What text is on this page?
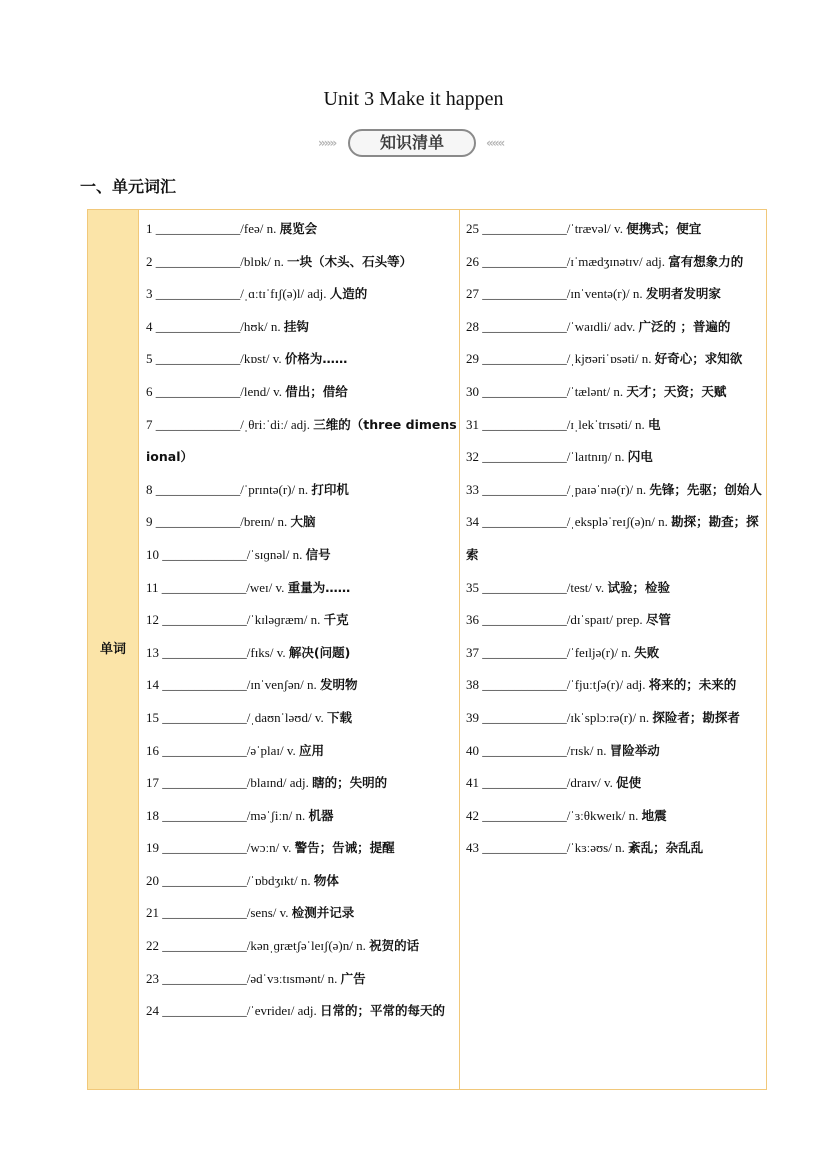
Unit 3 Make it happen
»»»	知识清单	«««
一、单元词汇
单词
1 _____________/feə/ n. 展览会
2 _____________/blɒk/ n. 一块（木头、石头等）
3 _____________/ˌɑːtɪˈfɪʃ(ə)l/ adj. 人造的
4 _____________/hʊk/ n. 挂钩
5 _____________/kɒst/ v. 价格为……
6 _____________/lend/ v. 借出；借给
7 _____________/ˌθriːˈdiː/ adj. 三维的（three dimensional）
8 _____________/ˈprɪntə(r)/ n. 打印机
9 _____________/breɪn/ n. 大脑
10 _____________/ˈsɪɡnəl/ n. 信号
11 _____________/weɪ/ v. 重量为……
12 _____________/ˈkɪləɡræm/ n. 千克
13 _____________/fɪks/ v. 解决(问题)
14 _____________/ɪnˈvenʃən/ n. 发明物
15 _____________/ˌdaʊnˈləʊd/ v. 下载
16 _____________/əˈplaɪ/ v. 应用
17 _____________/blaɪnd/ adj. 瞎的；失明的
18 _____________/məˈʃiːn/ n. 机器
19 _____________/wɔːn/ v. 警告；告诫；提醒
20 _____________/ˈɒbdʒɪkt/ n. 物体
21 _____________/sens/ v. 检测并记录
22 _____________/kənˌɡrætʃəˈleɪʃ(ə)n/ n. 祝贺的话
23 _____________/ədˈvɜːtɪsmənt/ n. 广告
24 _____________/ˈevrideɪ/ adj. 日常的；平常的每天的
25 _____________/ˈtrævəl/ v. 便携式；便宜
26 _____________/ɪˈmædʒɪnətɪv/ adj. 富有想象力的
27 _____________/ɪnˈventə(r)/ n. 发明者发明家
28 _____________/ˈwaɪdli/ adv. 广泛的 ；普遍的
29 _____________/ˌkjʊəriˈɒsəti/ n. 好奇心；求知欲
30 _____________/ˈtælənt/ n. 天才；天资；天赋
31 _____________/ɪˌlekˈtrɪsəti/ n. 电
32 _____________/ˈlaɪtnɪŋ/ n. 闪电
33 _____________/ˌpaɪəˈnɪə(r)/ n. 先锋；先驱；创始人
34 _____________/ˌekspləˈreɪʃ(ə)n/ n. 勘探；勘查；探索
35 _____________/test/ v. 试验；检验
36 _____________/dɪˈspaɪt/ prep. 尽管
37 _____________/ˈfeɪljə(r)/ n. 失败
38 _____________/ˈfjuːtʃə(r)/ adj. 将来的；未来的
39 _____________/ɪkˈsplɔːrə(r)/ n. 探险者；勘探者
40 _____________/rɪsk/ n. 冒险举动
41 _____________/draɪv/ v. 促使
42 _____________/ˈɜːθkweɪk/ n. 地震
43 _____________/ˈkɜːəʊs/ n. 紊乱；杂乱乱
